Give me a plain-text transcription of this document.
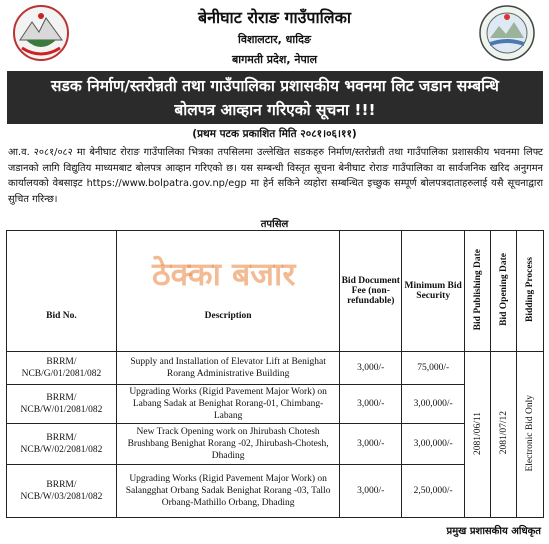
बेनीघाट रोराङ गाउँपालिका
विशालटार, धादिङ
बागमती प्रदेश, नेपाल
सडक निर्माण/स्तरोन्नती तथा गाउँपालिका प्रशासकीय भवनमा लिट जडान सम्बन्धि
बोलपत्र आव्हान गरिएको सूचना !!!
(प्रथम पटक प्रकाशित मिति २०८१।०६।११)
आ.व. २०८१/०८२ मा बेनीघाट रोराङ गाउँपालिका भित्रका तपसिलमा उल्लेखित सडकहरु निर्माण/स्तरोन्नती तथा गाउँपालिका प्रशासकीय भवनमा लिफ्ट जडानको लागि विद्युतिय माध्यमबाट बोलपत्र आव्हान गरिएको छ। यस सम्बन्धी विस्तृत सूचना बेनीघाट रोराङ गाउँपालिका वा सार्वजनिक खरिद अनुगमन कार्यालयको वेबसाइट https://www.bolpatra.gov.np/egp मा हेर्न सकिने व्यहोरा सम्बन्धित इच्छुक सम्पूर्ण बोलपत्रदाताहरुलाई यसै सूचनाद्वारा सुचित गरिन्छ।
तपसिल
Bid No.	Description	Bid Document Fee (non-refundable)	Minimum Bid Security	Bid Publishing Date	Bid Opening Date	Bidding Process
BRRM/ NCB/G/01/2081/082	Supply and Installation of Elevator Lift at Benighat Rorang Administrative Building	3,000/-	75,000/-	2081/06/11	2081/07/12	Electronic Bid Only
BRRM/ NCB/W/01/2081/082	Upgrading Works (Rigid Pavement Major Work) on Labang Sadak at Benighat Rorang-01, Chimbang-Labang	3,000/-	3,00,000/-			
BRRM/ NCB/W/02/2081/082	New Track Opening work on Jhirubash Chotesh Brushbang Benighat Rorang -02, Jhirubash-Chotesh, Dhading	3,000/-	3,00,000/-			
BRRM/ NCB/W/03/2081/082	Upgrading Works (Rigid Pavement Major Work) on Salangghat Orbang Sadak Benighat Rorang -03, Tallo Orbang-Mathillo Orbang, Dhading	3,000/-	2,50,000/-			
ठेक्का बजार
प्रमुख प्रशासकीय अधिकृत
